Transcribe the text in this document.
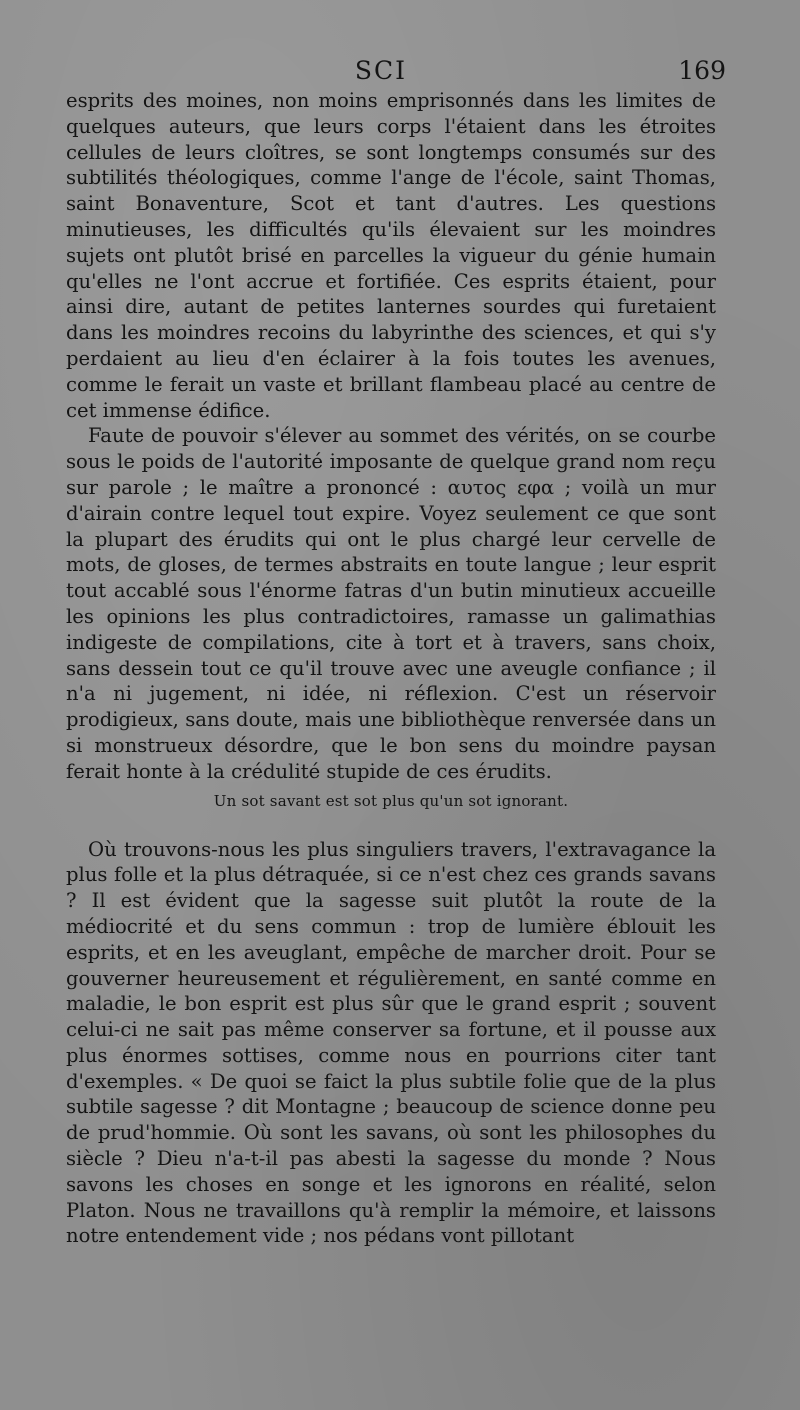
SCI	169

esprits des moines, non moins emprisonnés dans les limites de quelques auteurs, que leurs corps l'étaient dans les étroites cellules de leurs cloîtres, se sont longtemps consumés sur des subtilités théologiques, comme l'ange de l'école, saint Thomas, saint Bonaventure, Scot et tant d'autres. Les questions minutieuses, les difficultés qu'ils élevaient sur les moindres sujets ont plutôt brisé en parcelles la vigueur du génie humain qu'elles ne l'ont accrue et fortifiée. Ces esprits étaient, pour ainsi dire, autant de petites lanternes sourdes qui furetaient dans les moindres recoins du labyrinthe des sciences, et qui s'y perdaient au lieu d'en éclairer à la fois toutes les avenues, comme le ferait un vaste et brillant flambeau placé au centre de cet immense édifice.

Faute de pouvoir s'élever au sommet des vérités, on se courbe sous le poids de l'autorité imposante de quelque grand nom reçu sur parole ; le maître a prononcé : αυτος εφα ; voilà un mur d'airain contre lequel tout expire. Voyez seulement ce que sont la plupart des érudits qui ont le plus chargé leur cervelle de mots, de gloses, de termes abstraits en toute langue ; leur esprit tout accablé sous l'énorme fatras d'un butin minutieux accueille les opinions les plus contradictoires, ramasse un galimathias indigeste de compilations, cite à tort et à travers, sans choix, sans dessein tout ce qu'il trouve avec une aveugle confiance ; il n'a ni jugement, ni idée, ni réflexion. C'est un réservoir prodigieux, sans doute, mais une bibliothèque renversée dans un si monstrueux désordre, que le bon sens du moindre paysan ferait honte à la crédulité stupide de ces érudits.

Un sot savant est sot plus qu'un sot ignorant.

Où trouvons-nous les plus singuliers travers, l'extravagance la plus folle et la plus détraquée, si ce n'est chez ces grands savans ? Il est évident que la sagesse suit plutôt la route de la médiocrité et du sens commun : trop de lumière éblouit les esprits, et en les aveuglant, empêche de marcher droit. Pour se gouverner heureusement et régulièrement, en santé comme en maladie, le bon esprit est plus sûr que le grand esprit ; souvent celui-ci ne sait pas même conserver sa fortune, et il pousse aux plus énormes sottises, comme nous en pourrions citer tant d'exemples. « De quoi se faict la plus subtile folie que de la plus subtile sagesse ? dit Montagne ; beaucoup de science donne peu de prud'hommie. Où sont les savans, où sont les philosophes du siècle ? Dieu n'a-t-il pas abesti la sagesse du monde ? Nous savons les choses en songe et les ignorons en réalité, selon Platon. Nous ne travaillons qu'à remplir la mémoire, et laissons notre entendement vide ; nos pédans vont pillotant
